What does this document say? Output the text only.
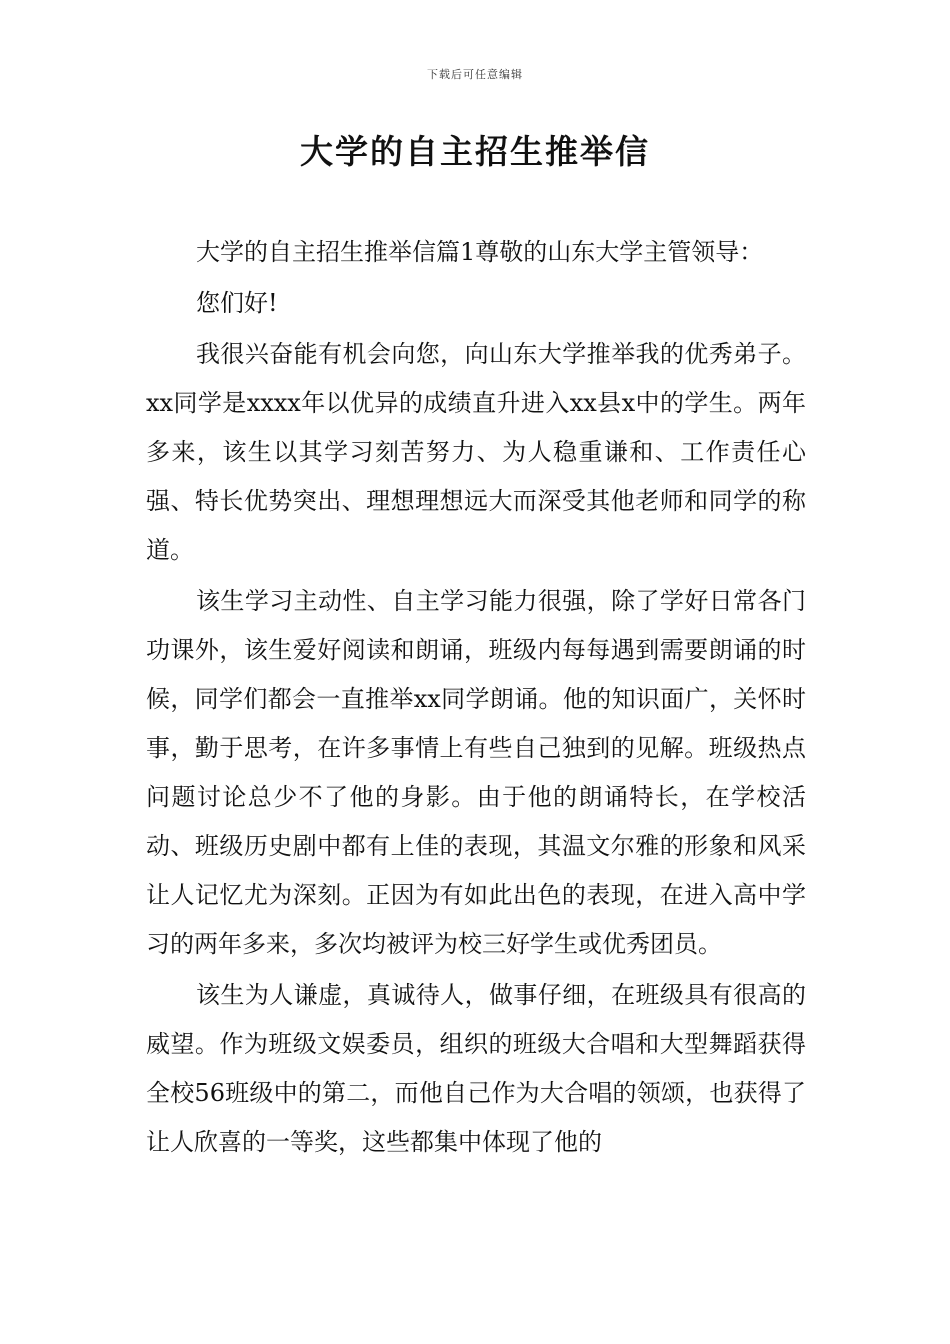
下载后可任意编辑
大学的自主招生推举信

大学的自主招生推举信篇1尊敬的山东大学主管领导：

您们好!

我很兴奋能有机会向您，向山东大学推举我的优秀弟子。xx同学是xxxx年以优异的成绩直升进入xx县x中的学生。两年多来，该生以其学习刻苦努力、为人稳重谦和、工作责任心强、特长优势突出、理想理想远大而深受其他老师和同学的称道。

该生学习主动性、自主学习能力很强，除了学好日常各门功课外，该生爱好阅读和朗诵，班级内每每遇到需要朗诵的时候，同学们都会一直推举xx同学朗诵。他的知识面广，关怀时事，勤于思考，在许多事情上有些自己独到的见解。班级热点问题讨论总少不了他的身影。由于他的朗诵特长，在学校活动、班级历史剧中都有上佳的表现，其温文尔雅的形象和风采让人记忆尤为深刻。正因为有如此出色的表现，在进入高中学习的两年多来，多次均被评为校三好学生或优秀团员。

该生为人谦虚，真诚待人，做事仔细，在班级具有很高的威望。作为班级文娱委员，组织的班级大合唱和大型舞蹈获得全校56班级中的第二，而他自己作为大合唱的领颂，也获得了让人欣喜的一等奖，这些都集中体现了他的
